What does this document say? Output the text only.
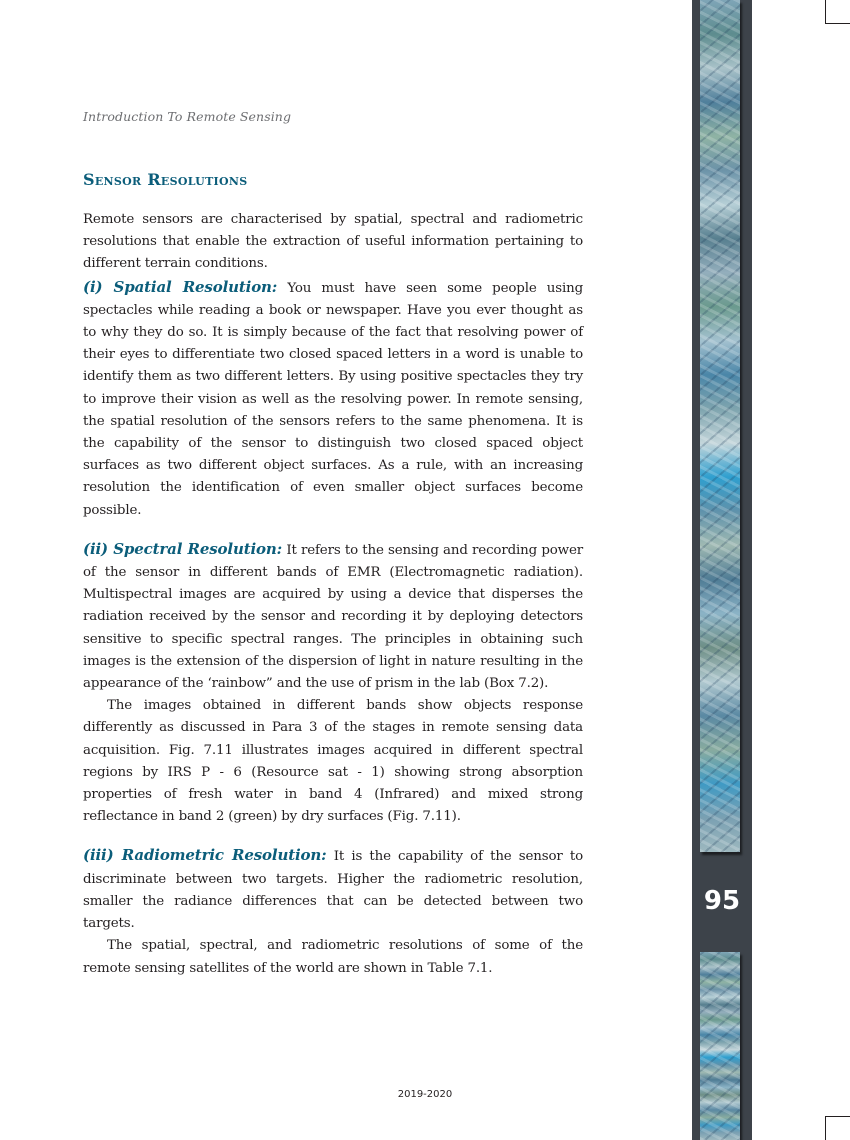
Introduction To Remote Sensing
Sensor Resolutions

Remote sensors are characterised by spatial, spectral and radiometric resolutions that enable the extraction of useful information pertaining to different terrain conditions.

(i) Spatial Resolution: You must have seen some people using spectacles while reading a book or newspaper. Have you ever thought as to why they do so. It is simply because of the fact that resolving power of their eyes to differentiate two closed spaced letters in a word is unable to identify them as two different letters. By using positive spectacles they try to improve their vision as well as the resolving power. In remote sensing, the spatial resolution of the sensors refers to the same phenomena. It is the capability of the sensor to distinguish two closed spaced object surfaces as two different object surfaces. As a rule, with an increasing resolution the identification of even smaller object surfaces become possible.

(ii) Spectral Resolution: It refers to the sensing and recording power of the sensor in different bands of EMR (Electromagnetic radiation). Multispectral images are acquired by using a device that disperses the radiation received by the sensor and recording it by deploying detectors sensitive to specific spectral ranges. The principles in obtaining such images is the extension of the dispersion of light in nature resulting in the appearance of the ‘rainbow” and the use of prism in the lab (Box 7.2).

The images obtained in different bands show objects response differently as discussed in Para 3 of the stages in remote sensing data acquisition. Fig. 7.11 illustrates images acquired in different spectral regions by IRS P - 6 (Resource sat - 1) showing strong absorption properties of fresh water in band 4 (Infrared) and mixed strong reflectance in band 2 (green) by dry surfaces (Fig. 7.11).

(iii) Radiometric Resolution: It is the capability of the sensor to discriminate between two targets. Higher the radiometric resolution, smaller the radiance differences that can be detected between two targets.

The spatial, spectral, and radiometric resolutions of some of the remote sensing satellites of the world are shown in Table 7.1.

2019-2020
95
